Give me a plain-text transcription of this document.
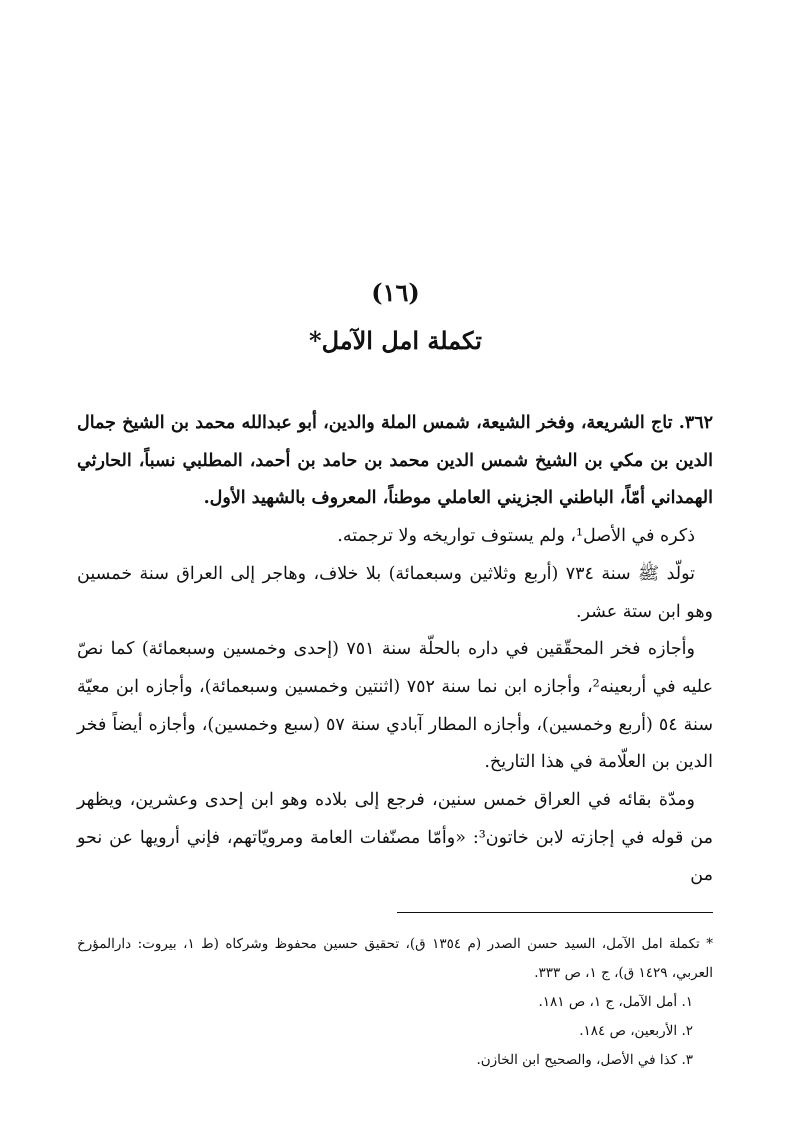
(١٦)
تكملة امل الآمل*

٣٦٢. تاج الشريعة، وفخر الشيعة، شمس الملة والدين، أبو عبدالله محمد بن الشيخ جمال الدين بن مكي بن الشيخ شمس الدين محمد بن حامد بن أحمد، المطلبي نسباً، الحارثي الهمداني أمّاً، الباطني الجزيني العاملي موطناً، المعروف بالشهيد الأول.

ذكره في الأصل¹، ولم يستوف تواريخه ولا ترجمته.

تولّد ﷺ سنة ٧٣٤ (أربع وثلاثين وسبعمائة) بلا خلاف، وهاجر إلى العراق سنة خمسين وهو ابن ستة عشر.

وأجازه فخر المحقّقين في داره بالحلّة سنة ٧٥١ (إحدى وخمسين وسبعمائة) كما نصّ عليه في أربعينه²، وأجازه ابن نما سنة ٧٥٢ (اثنتين وخمسين وسبعمائة)، وأجازه ابن معيّة سنة ٥٤ (أربع وخمسين)، وأجازه المطار آبادي سنة ٥٧ (سبع وخمسين)، وأجازه أيضاً فخر الدين بن العلّامة في هذا التاريخ.

ومدّة بقائه في العراق خمس سنين، فرجع إلى بلاده وهو ابن إحدى وعشرين، ويظهر من قوله في إجازته لابن خاتون³: «وأمّا مصنّفات العامة ومرويّاتهم، فإني أرويها عن نحو من

* تكملة امل الآمل، السيد حسن الصدر (م ١٣٥٤ ق)، تحقيق حسين محفوظ وشركاه (ط ١، بيروت: دارالمؤرخ العربي، ١٤٢٩ ق)، ج ١، ص ٣٣٣.

١. أمل الآمل، ج ١، ص ١٨١.

٢. الأربعين، ص ١٨٤.

٣. كذا في الأصل، والصحيح ابن الخازن.
